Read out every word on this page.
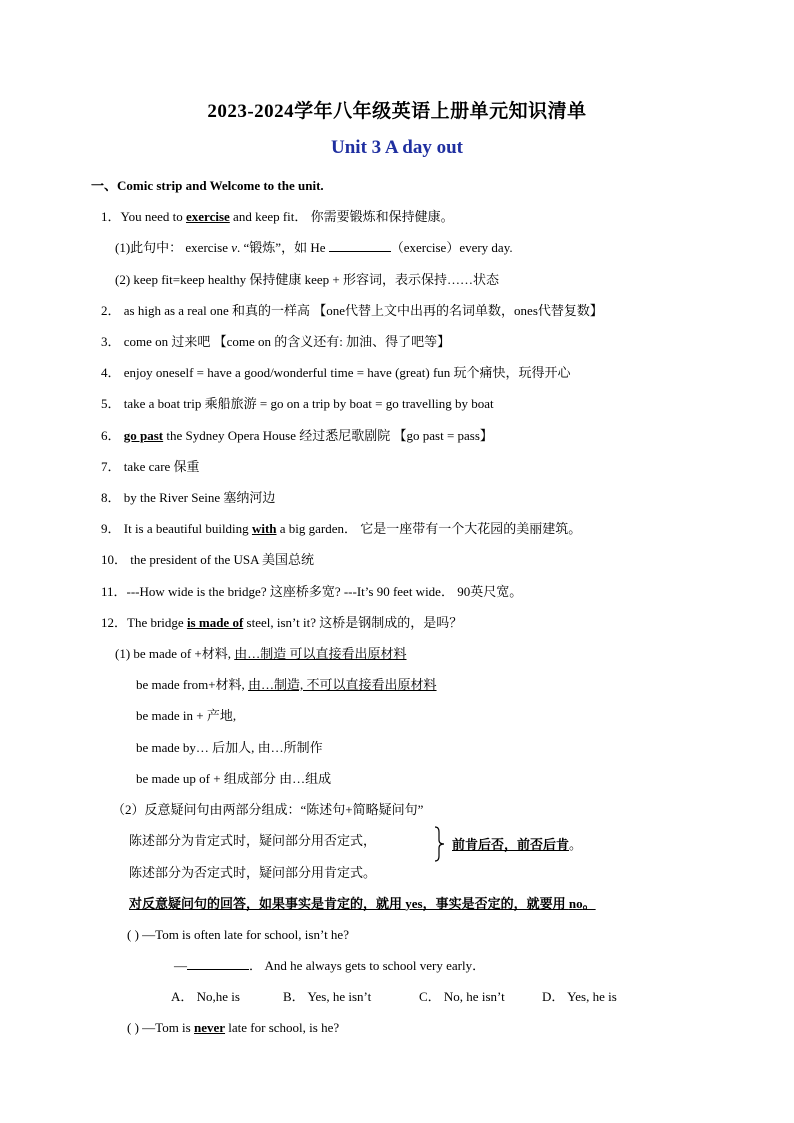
2023-2024学年八年级英语上册单元知识清单
Unit 3 A day out
一、Comic strip and Welcome to the unit.
1．You need to exercise and keep fit． 你需要锻炼和保持健康。
(1)此句中： exercise v. “锻炼”，如 He	（exercise）every day.
(2) keep fit=keep healthy 保持健康 keep + 形容词，表示保持……状态
2． as high as a real one 和真的一样高 【one代替上文中出再的名词单数，ones代替复数】
3． come on 过来吧 【come on 的含义还有: 加油、得了吧等】
4． enjoy oneself = have a good/wonderful time = have (great) fun 玩个痛快，玩得开心
5． take a boat trip 乘船旅游 = go on a trip by boat = go travelling by boat
6． go past the Sydney Opera House 经过悉尼歌剧院 【go past = pass】
7． take care 保重
8． by the River Seine 塞纳河边
9． It is a beautiful building with a big garden． 它是一座带有一个大花园的美丽建筑。
10． the president of the USA 美国总统
11．---How wide is the bridge? 这座桥多宽? ---It’s 90 feet wide． 90英尺宽。
12．The bridge is made of steel, isn’t it? 这桥是钢制成的，是吗？
(1) be made of +材料, 由…制造 可以直接看出原材料
be made from+材料, 由…制造, 不可以直接看出原材料
be made in + 产地,
be made by… 后加人, 由…所制作
be made up of + 组成部分 由…组成
（2）反意疑问句由两部分组成：“陈述句+简略疑问句”
陈述部分为肯定式时，疑问部分用否定式，
陈述部分为否定式时，疑问部分用肯定式。
前肯后否，前否后肯。
对反意疑问句的回答，如果事实是肯定的，就用 yes，事实是否定的，就要用 no。
( ) —Tom is often late for school, isn’t he?
—	． And he always gets to school very early．
A． No,he is	B． Yes, he isn’t	C． No, he isn’t	D． Yes, he is
( ) —Tom is never late for school, is he?
